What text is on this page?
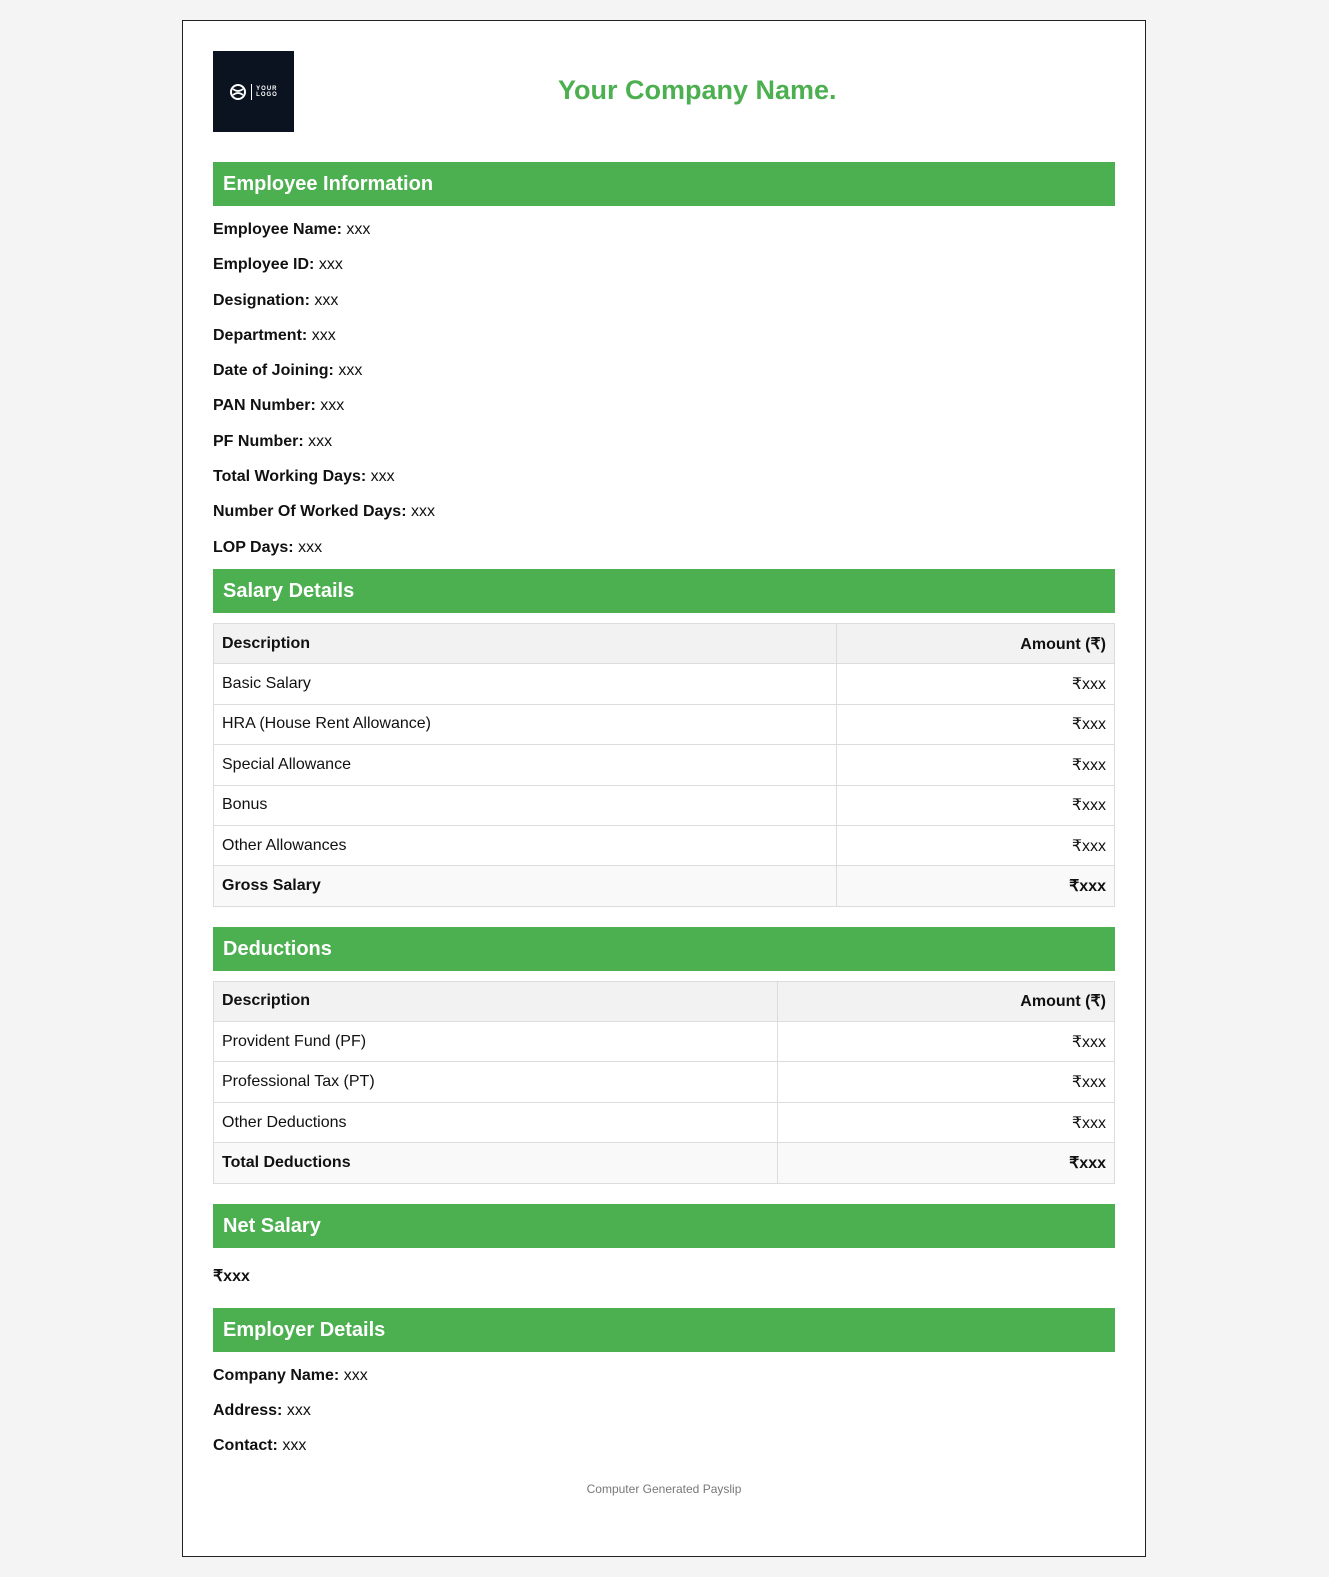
YOUR
LOGO	Your Company Name.
Employee Information
Employee Name: xxx
Employee ID: xxx
Designation: xxx
Department: xxx
Date of Joining: xxx
PAN Number: xxx
PF Number: xxx
Total Working Days: xxx
Number Of Worked Days: xxx
LOP Days: xxx
Salary Details
Description	Amount (₹)
Basic Salary	₹xxx
HRA (House Rent Allowance)	₹xxx
Special Allowance	₹xxx
Bonus	₹xxx
Other Allowances	₹xxx
Gross Salary	₹xxx
Deductions
Description	Amount (₹)
Provident Fund (PF)	₹xxx
Professional Tax (PT)	₹xxx
Other Deductions	₹xxx
Total Deductions	₹xxx
Net Salary
₹xxx
Employer Details
Company Name: xxx
Address: xxx
Contact: xxx
Computer Generated Payslip
